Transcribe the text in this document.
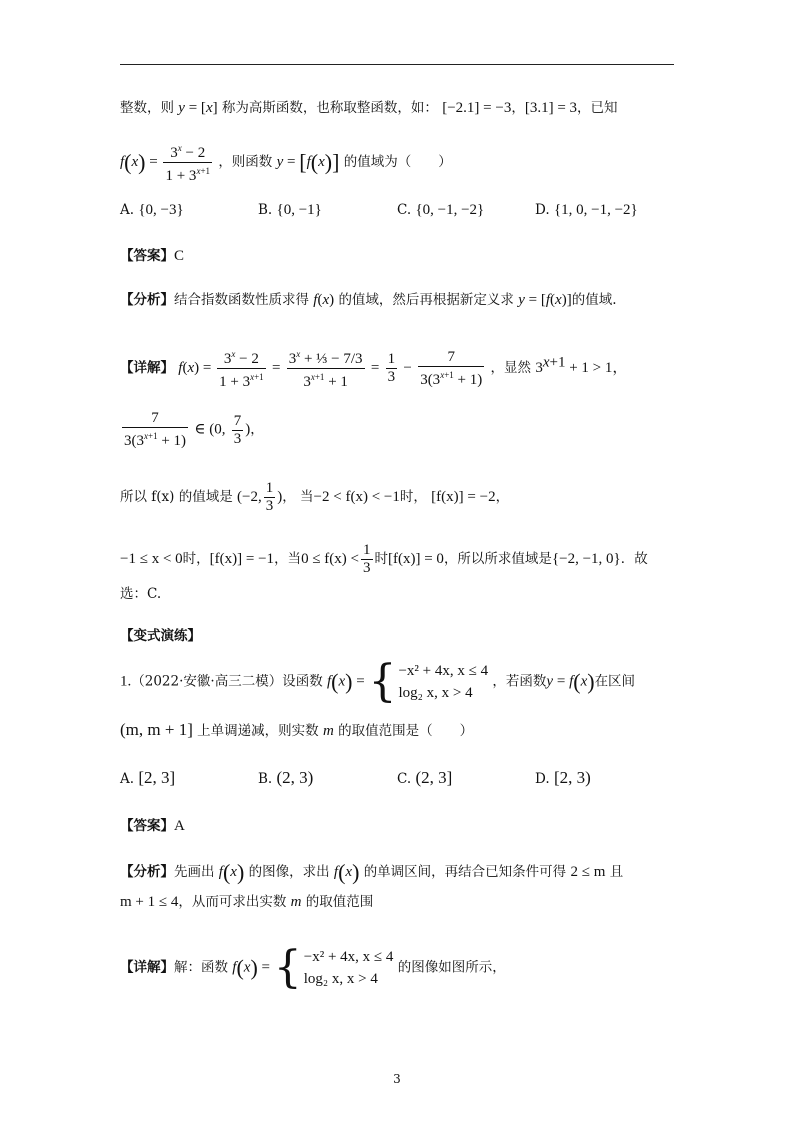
整数，则 y = [x] 称为高斯函数，也称取整函数，如： [−2.1] = −3，[3.1] = 3，已知
$f(x) = \frac{3^x - 2}{1 + 3^{x+1}}$ ，则函数 y = [f(x)] 的值域为（　　）
A. {0, −3}	B. {0, −1}	C. {0, −1, −2}	D. {1, 0, −1, −2}
【答案】C
【分析】结合指数函数性质求得 f(x) 的值域，然后再根据新定义求 y = [f(x)]的值域.
【详解】 $f(x) = \frac{3^x - 2}{1 + 3^{x+1}} = \frac{3^x + \frac{1}{3} - 7/3}{3^{x+1} + 1} = \frac{1}{3} - \frac{7}{3(3^{x+1} + 1)}$ ，显然 $3^{x+1} + 1 > 1$，
$\frac{7}{3(3^{x+1} + 1)}$ ∈ (0, $\frac{7}{3}$ )，
所以 f(x) 的值域是 (−2, $\frac{1}{3}$ )， 当−2 < f(x) < −1时， [f(x)] = −2，
−1 ≤ x < 0时，[f(x)] = −1，当$0 \le f(x) < \frac{1}{3}$ 时[f(x)] = 0，所以所求值域是{−2, −1, 0}．故
选：C.
【变式演练】
1.（2022·安徽·高三二模）设函数 f(x) = { −x² + 4x, x ≤ 4
log₂ x, x > 4
，若函数y = f(x)在区间
(m, m + 1] 上单调递减，则实数 m 的取值范围是（　　）
A. [2, 3]	B. (2, 3)	C. (2, 3]	D. [2, 3)
【答案】A
【分析】先画出 f(x) 的图像，求出 f(x) 的单调区间，再结合已知条件可得 2 ≤ m 且
m + 1 ≤ 4，从而可求出实数 m 的取值范围
【详解】解：函数 f(x) = { −x² + 4x, x ≤ 4
log₂ x, x > 4
的图像如图所示，
3
